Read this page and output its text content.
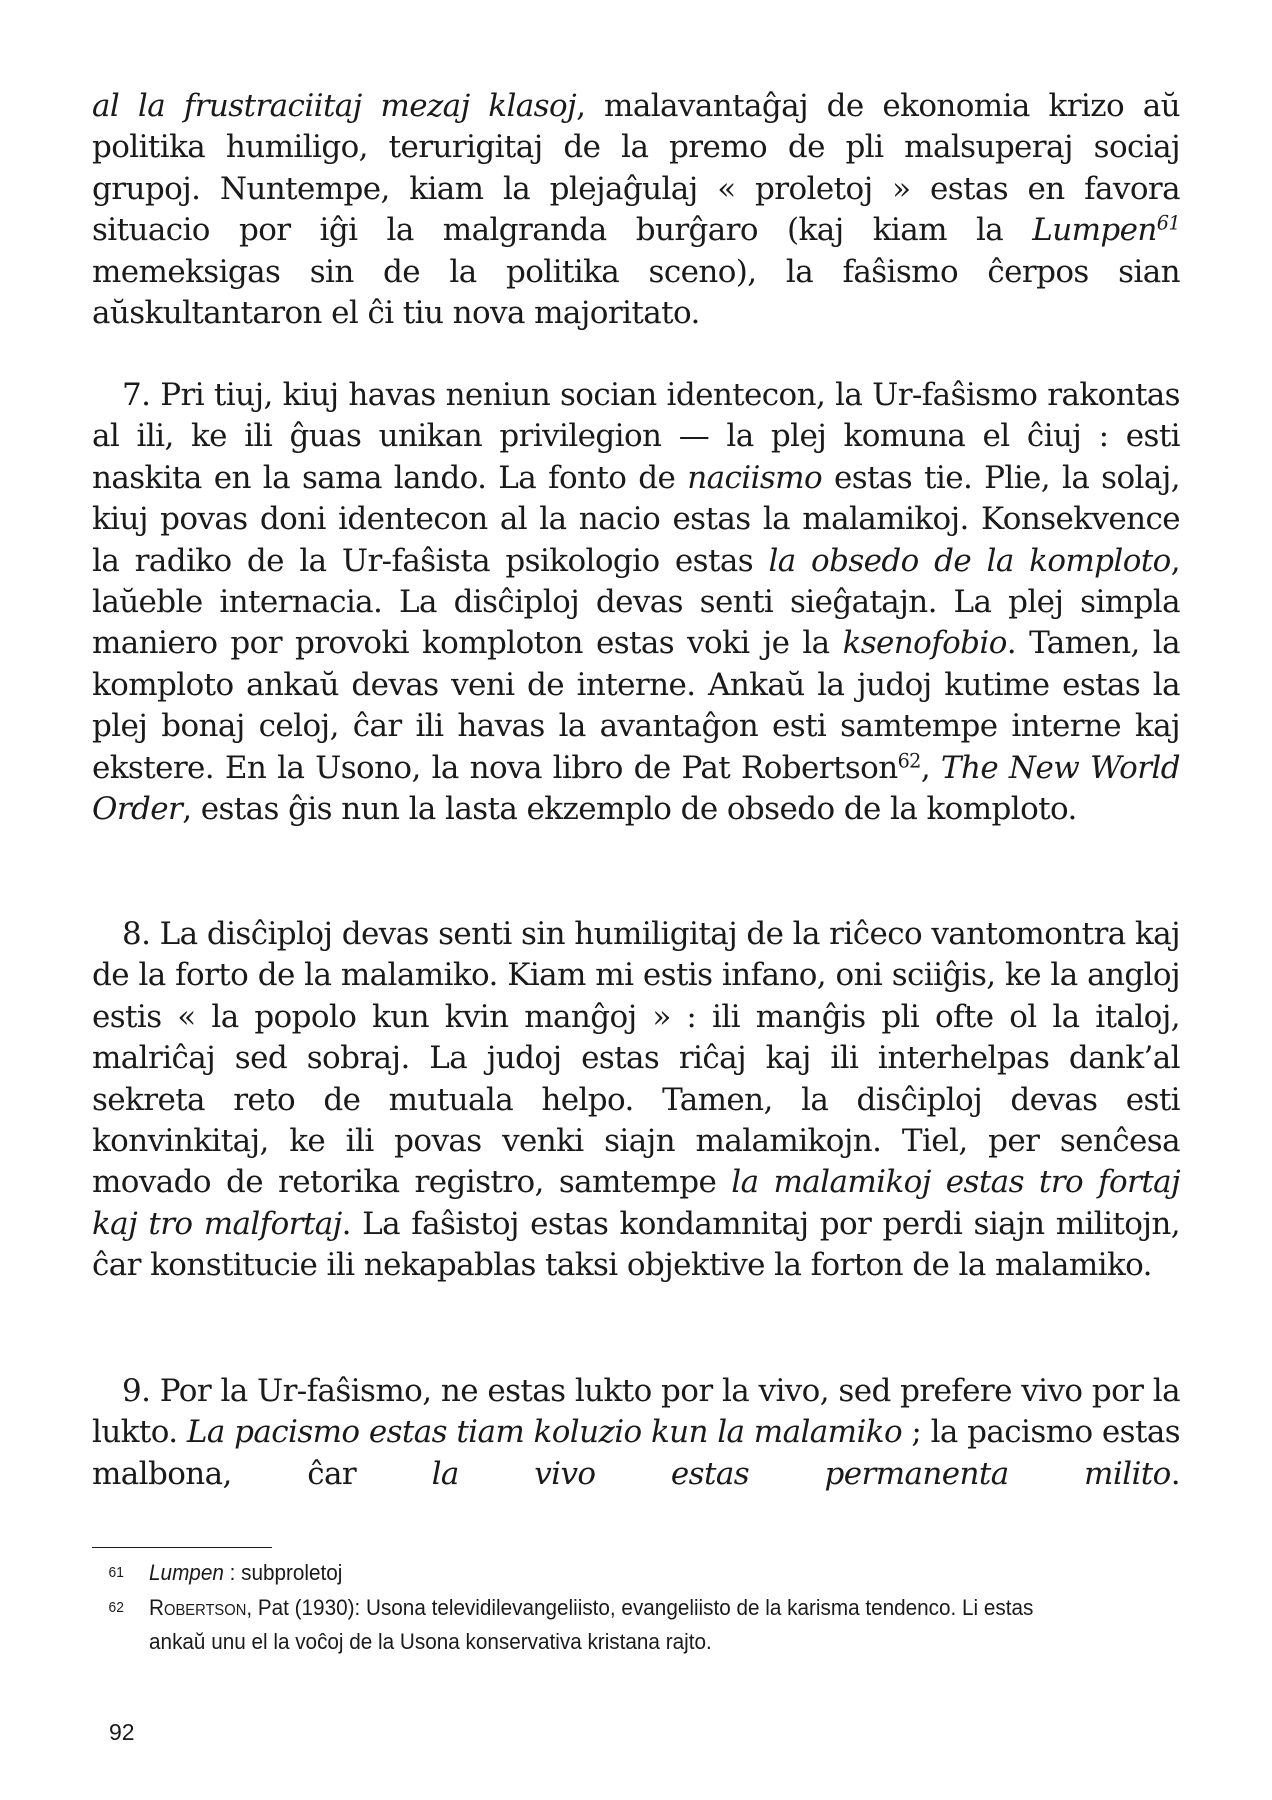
al la frustraciitaj mezaj klasoj, malavantaĝaj de ekonomia krizo aŭ politika humiligo, terurigitaj de la premo de pli malsuperaj sociaj grupoj. Nuntempe, kiam la plejaĝulaj « proletoj » estas en favora situacio por iĝi la malgranda burĝaro (kaj kiam la Lumpen$^{61}$ memeksigas sin de la politika sceno), la faŝismo ĉerpos sian aŭskultantaron el ĉi tiu nova majoritato.

7. Pri tiuj, kiuj havas neniun socian identecon, la Ur-faŝismo rakontas al ili, ke ili ĝuas unikan privilegion — la plej komuna el ĉiuj : esti naskita en la sama lando. La fonto de naciismo estas tie. Plie, la solaj, kiuj povas doni identecon al la nacio estas la malamikoj. Konsekvence la radiko de la Ur-faŝista psikologio estas la obsedo de la komploto, laŭeble internacia. La disĉiploj devas senti sieĝatajn. La plej simpla maniero por provoki komploton estas voki je la ksenofobio. Tamen, la komploto ankaŭ devas veni de interne. Ankaŭ la judoj kutime estas la plej bonaj celoj, ĉar ili havas la avantaĝon esti samtempe interne kaj ekstere. En la Usono, la nova libro de Pat Robertson$^{62}$, The New World Order, estas ĝis nun la lasta ekzemplo de obsedo de la komploto.

8. La disĉiploj devas senti sin humiligitaj de la riĉeco vantomontra kaj de la forto de la malamiko. Kiam mi estis infano, oni sciiĝis, ke la angloj estis « la popolo kun kvin manĝoj » : ili manĝis pli ofte ol la italoj, malriĉaj sed sobraj. La judoj estas riĉaj kaj ili interhelpas dank’al sekreta reto de mutuala helpo. Tamen, la disĉiploj devas esti konvinkitaj, ke ili povas venki siajn malamikojn. Tiel, per senĉesa movado de retorika registro, samtempe la malamikoj estas tro fortaj kaj tro malfortaj. La faŝistoj estas kondamnitaj por perdi siajn militojn, ĉar konstitucie ili nekapablas taksi objektive la forton de la malamiko.

9. Por la Ur-faŝismo, ne estas lukto por la vivo, sed prefere vivo por la lukto. La pacismo estas tiam koluzio kun la malamiko ; la pacismo estas malbona, ĉar la vivo estas permanenta milito.

61 Lumpen : subproletoj
62 Robertson, Pat (1930): Usona televidilevangeliisto, evangeliisto de la karisma tendenco. Li estas ankaŭ unu el la voĉoj de la Usona konservativa kristana rajto.
92
